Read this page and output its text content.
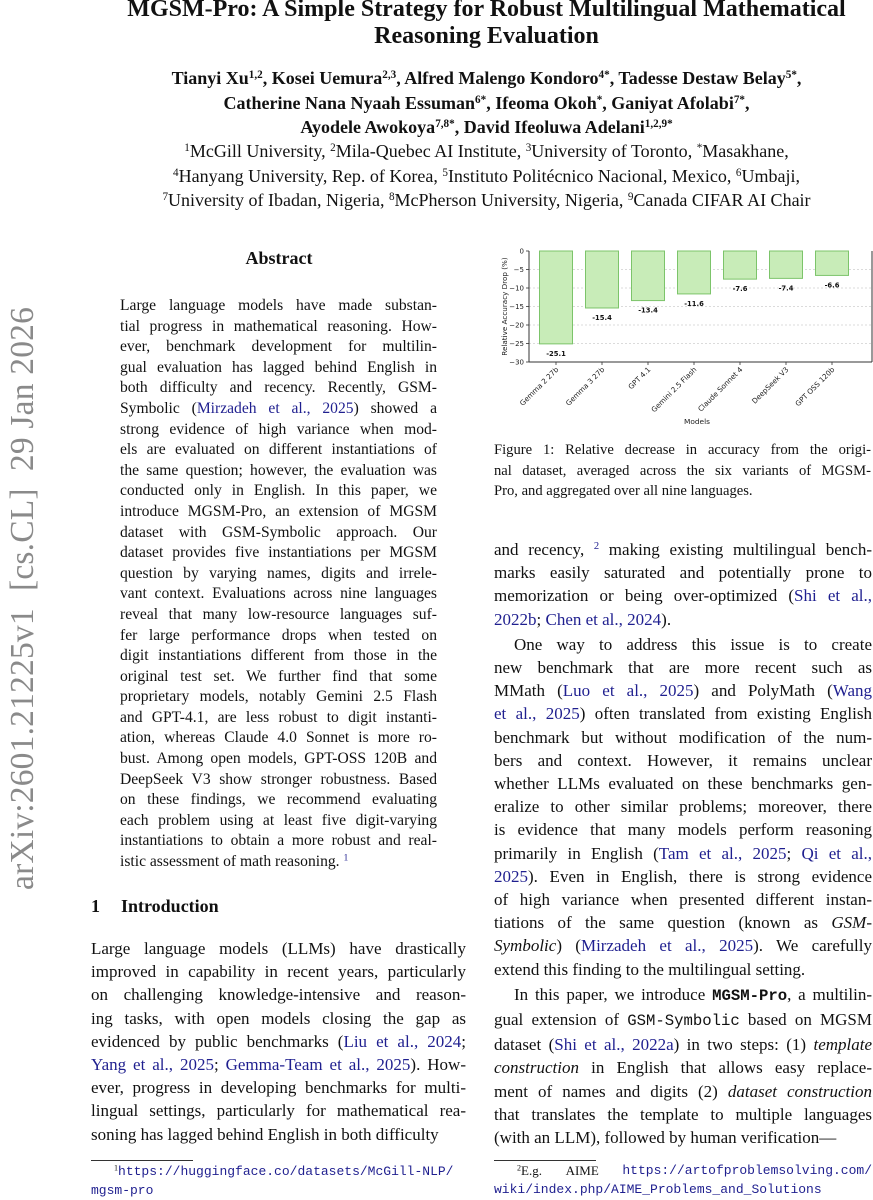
arXiv:2601.21225v1  [cs.CL]  29 Jan 2026
MGSM-Pro: A Simple Strategy for Robust Multilingual Mathematical
Reasoning Evaluation
Tianyi Xu$^{1,2}$, Kosei Uemura$^{2,3}$, Alfred Malengo Kondoro$^{4*}$, Tadesse Destaw Belay$^{5*}$,
Catherine Nana Nyaah Essuman$^{6*}$, Ifeoma Okoh*, Ganiyat Afolabi$^{7*}$,
Ayodele Awokoya$^{7,8*}$, David Ifeoluwa Adelani$^{1,2,9*}$
$^1$McGill University, $^2$Mila-Quebec AI Institute, $^3$University of Toronto, *Masakhane,
$^4$Hanyang University, Rep. of Korea, $^5$Instituto Politécnico Nacional, Mexico, $^6$Umbaji,
$^7$University of Ibadan, Nigeria, $^8$McPherson University, Nigeria, $^9$Canada CIFAR AI Chair
Abstract
Large language models have made substan-
tial progress in mathematical reasoning. How-
ever, benchmark development for multilin-
gual evaluation has lagged behind English in
both difficulty and recency. Recently, GSM-
Symbolic (Mirzadeh et al., 2025) showed a
strong evidence of high variance when mod-
els are evaluated on different instantiations of
the same question; however, the evaluation was
conducted only in English. In this paper, we
introduce MGSM-Pro, an extension of MGSM
dataset with GSM-Symbolic approach. Our
dataset provides five instantiations per MGSM
question by varying names, digits and irrele-
vant context. Evaluations across nine languages
reveal that many low-resource languages suf-
fer large performance drops when tested on
digit instantiations different from those in the
original test set. We further find that some
proprietary models, notably Gemini 2.5 Flash
and GPT-4.1, are less robust to digit instanti-
ation, whereas Claude 4.0 Sonnet is more ro-
bust. Among open models, GPT-OSS 120B and
DeepSeek V3 show stronger robustness. Based
on these findings, we recommend evaluating
each problem using at least five digit-varying
instantiations to obtain a more robust and real-
istic assessment of math reasoning. $^1$
1 Introduction
Large language models (LLMs) have drastically
improved in capability in recent years, particularly
on challenging knowledge-intensive and reason-
ing tasks, with open models closing the gap as
evidenced by public benchmarks (Liu et al., 2024;
Yang et al., 2025; Gemma-Team et al., 2025). How-
ever, progress in developing benchmarks for multi-
lingual settings, particularly for mathematical rea-
soning has lagged behind English in both difficulty
$^1$https://huggingface.co/datasets/McGill-NLP/
mgsm-pro
-25.1
Gemma 2 27b
-15.4
Gemma 3 27b
-13.4
GPT 4.1
-11.6
Gemini 2.5 Flash
-7.6
Claude Sonnet 4
-7.4
DeepSeek V3
-6.6
GPT OSS 120b
0
−5
−10
−15
−20
−25
−30
Relative Accuracy Drop (%)
Models
Figure 1: Relative decrease in accuracy from the origi-
nal dataset, averaged across the six variants of MGSM-
Pro, and aggregated over all nine languages.
and recency, $^2$ making existing multilingual bench-
marks easily saturated and potentially prone to
memorization or being over-optimized (Shi et al.,
2022b; Chen et al., 2024).
One way to address this issue is to create
new benchmark that are more recent such as
MMath (Luo et al., 2025) and PolyMath (Wang
et al., 2025) often translated from existing English
benchmark but without modification of the num-
bers and context. However, it remains unclear
whether LLMs evaluated on these benchmarks gen-
eralize to other similar problems; moreover, there
is evidence that many models perform reasoning
primarily in English (Tam et al., 2025; Qi et al.,
2025). Even in English, there is strong evidence
of high variance when presented different instan-
tiations of the same question (known as GSM-
Symbolic) (Mirzadeh et al., 2025). We carefully
extend this finding to the multilingual setting.
In this paper, we introduce MGSM-Pro, a multilin-
gual extension of GSM-Symbolic based on MGSM
dataset (Shi et al., 2022a) in two steps: (1) template
construction in English that allows easy replace-
ment of names and digits (2) dataset construction
that translates the template to multiple languages
(with an LLM), followed by human verification—
$^2$E.g. AIME https://artofproblemsolving.com/
wiki/index.php/AIME_Problems_and_Solutions
